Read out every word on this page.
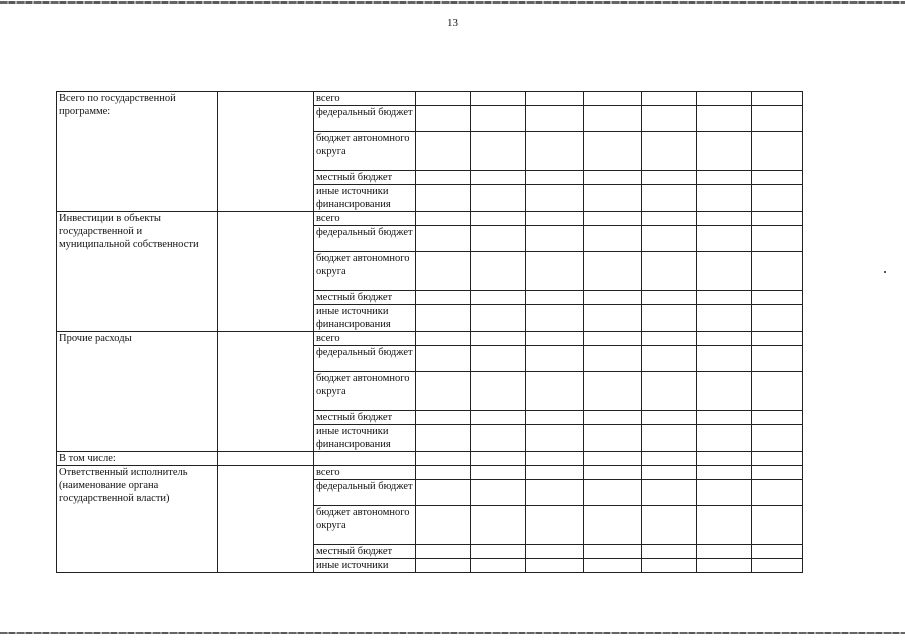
13
Всего по государственной программе:		всего							
		федеральный бюджет							
		бюджет автономного округа							
		местный бюджет							
		иные источники финансирования							
Инвестиции в объекты государственной и муниципальной собственности		всего							
		федеральный бюджет							
		бюджет автономного округа							
		местный бюджет							
		иные источники финансирования							
Прочие расходы		всего							
		федеральный бюджет							
		бюджет автономного округа							
		местный бюджет							
		иные источники финансирования							
В том числе:									
Ответственный исполнитель (наименование органа государственной власти)		всего							
		федеральный бюджет							
		бюджет автономного округа							
		местный бюджет							
		иные источники							
